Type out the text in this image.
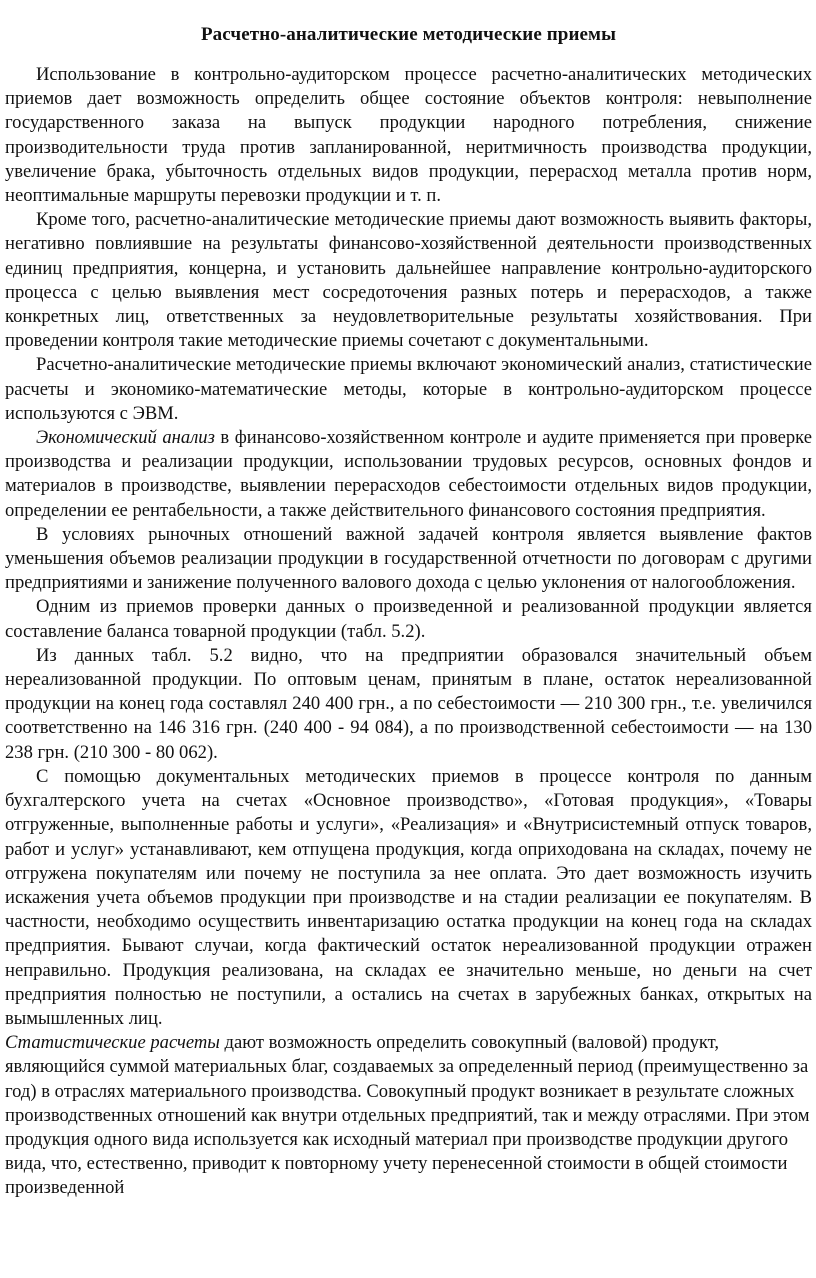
Расчетно-аналитические методические приемы

Использование в контрольно-аудиторском процессе расчетно-аналитических методических приемов дает возможность определить общее состояние объектов контроля: невыполнение государственного заказа на выпуск продукции народного потребления, снижение производительности труда против запланированной, неритмичность производства продукции, увеличение брака, убыточность отдельных видов продукции, перерасход металла против норм, неоптимальные маршруты перевозки продукции и т. п.

Кроме того, расчетно-аналитические методические приемы дают возможность выявить факторы, негативно повлиявшие на результаты финансово-хозяйственной деятельности производственных единиц предприятия, концерна, и установить дальнейшее направление контрольно-аудиторского процесса с целью выявления мест сосредоточения разных потерь и перерасходов, а также конкретных лиц, ответственных за неудовлетворительные результаты хозяйствования. При проведении контроля такие методические приемы сочетают с документальными.

Расчетно-аналитические методические приемы включают экономический анализ, статистические расчеты и экономико-математические методы, которые в контрольно-аудиторском процессе используются с ЭВМ.

Экономический анализ в финансово-хозяйственном контроле и аудите применяется при проверке производства и реализации продукции, использовании трудовых ресурсов, основных фондов и материалов в производстве, выявлении перерасходов себестоимости отдельных видов продукции, определении ее рентабельности, а также действительного финансового состояния предприятия.

В условиях рыночных отношений важной задачей контроля является выявление фактов уменьшения объемов реализации продукции в государственной отчетности по договорам с другими предприятиями и занижение полученного валового дохода с целью уклонения от налогообложения.

Одним из приемов проверки данных о произведенной и реализованной продукции является составление баланса товарной продукции (табл. 5.2).

Из данных табл. 5.2 видно, что на предприятии образовался значительный объем нереализованной продукции. По оптовым ценам, принятым в плане, остаток нереализованной продукции на конец года составлял 240 400 грн., а по себестоимости — 210 300 грн., т.е. увеличился соответственно на 146 316 грн. (240 400 - 94 084), а по производственной себестоимости — на 130 238 грн. (210 300 - 80 062).

С помощью документальных методических приемов в процессе контроля по данным бухгалтерского учета на счетах «Основное производство», «Готовая продукция», «Товары отгруженные, выполненные работы и услуги», «Реализация» и «Внутрисистемный отпуск товаров, работ и услуг» устанавливают, кем отпущена продукция, когда оприходована на складах, почему не отгружена покупателям или почему не поступила за нее оплата. Это дает возможность изучить искажения учета объемов продукции при производстве и на стадии реализации ее покупателям. В частности, необходимо осуществить инвентаризацию остатка продукции на конец года на складах предприятия. Бывают случаи, когда фактический остаток нереализованной продукции отражен неправильно. Продукция реализована, на складах ее значительно меньше, но деньги на счет предприятия полностью не поступили, а остались на счетах в зарубежных банках, открытых на вымышленных лиц.

Статистические расчеты дают возможность определить совокупный (валовой) продукт, являющийся суммой материальных благ, создаваемых за определенный период (преимущественно за год) в отраслях материального производства. Совокупный продукт возникает в результате сложных производственных отношений как внутри отдельных предприятий, так и между отраслями. При этом продукция одного вида используется как исходный материал при производстве продукции другого вида, что, естественно, приводит к повторному учету перенесенной стоимости в общей стоимости произведенной
